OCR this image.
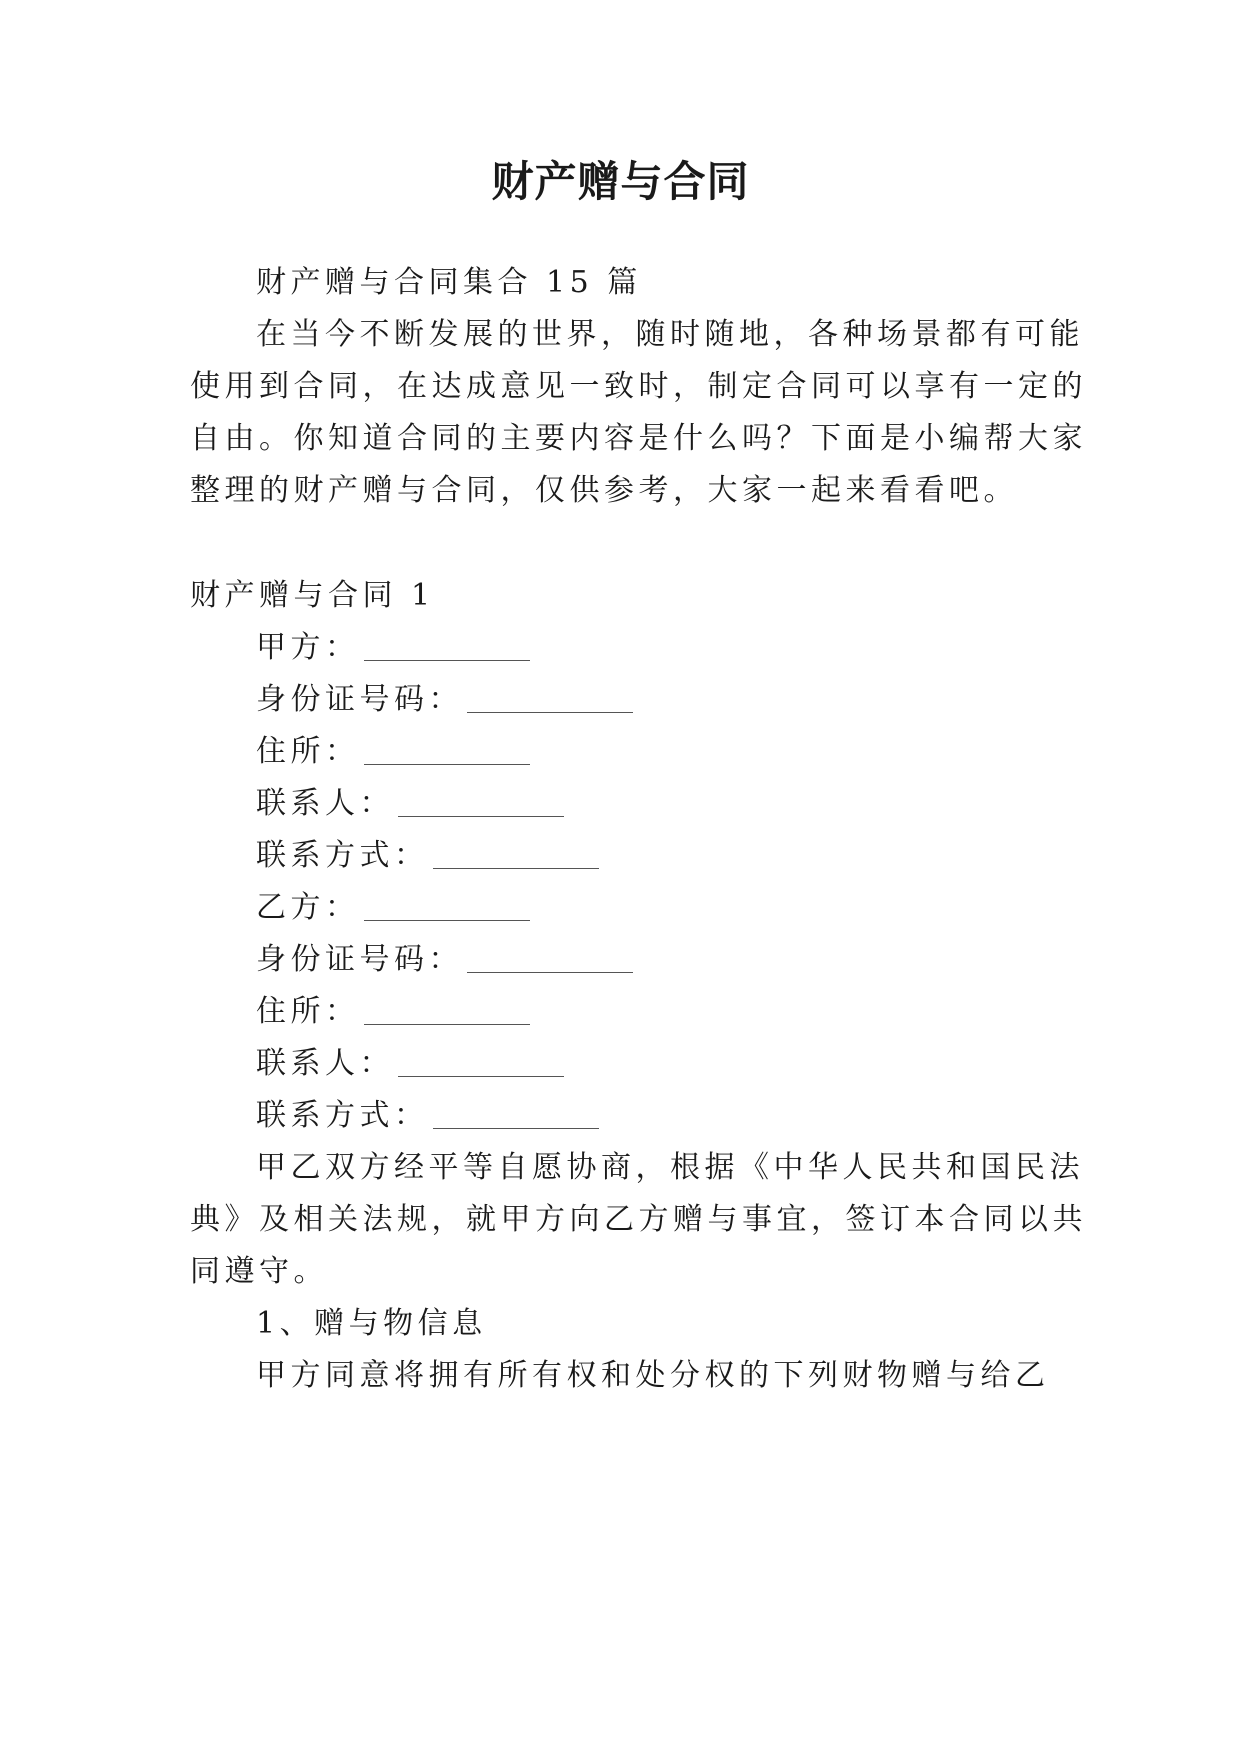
财产赠与合同
财产赠与合同集合 15 篇
在当今不断发展的世界，随时随地，各种场景都有可能
使用到合同，在达成意见一致时，制定合同可以享有一定的
自由。你知道合同的主要内容是什么吗？下面是小编帮大家
整理的财产赠与合同，仅供参考，大家一起来看看吧。
财产赠与合同 1
甲方：
身份证号码：
住所：
联系人：
联系方式：
乙方：
身份证号码：
住所：
联系人：
联系方式：
甲乙双方经平等自愿协商，根据《中华人民共和国民法
典》及相关法规，就甲方向乙方赠与事宜，签订本合同以共
同遵守。
1、赠与物信息
甲方同意将拥有所有权和处分权的下列财物赠与给乙
